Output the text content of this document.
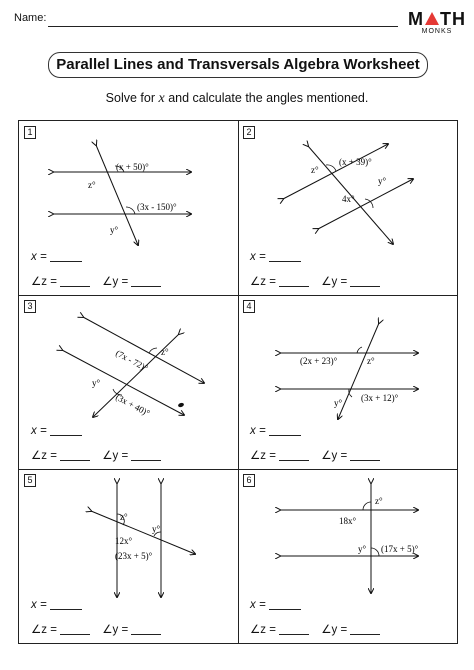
Name:	M TH
MONKS
Parallel Lines and Transversals Algebra Worksheet
Solve for x and calculate the angles mentioned.
1
(x + 50)°
z°
(3x - 150)°
y°
x =
∠z =	∠y =
2
z°
(x + 39)°
y°
4x°
x =
∠z =	∠y =
3
(7x - 72)° z°
y°
(3x + 40)°
x =
∠z =	∠y =
4
(2x + 23)°	z°
y° (3x + 12)°
x =
∠z =	∠y =
5
z°
12x°
y°
(23x + 5)°
x =
∠z =	∠y =
6
z°
18x°
y° (17x + 5)°
x =
∠z =	∠y =
